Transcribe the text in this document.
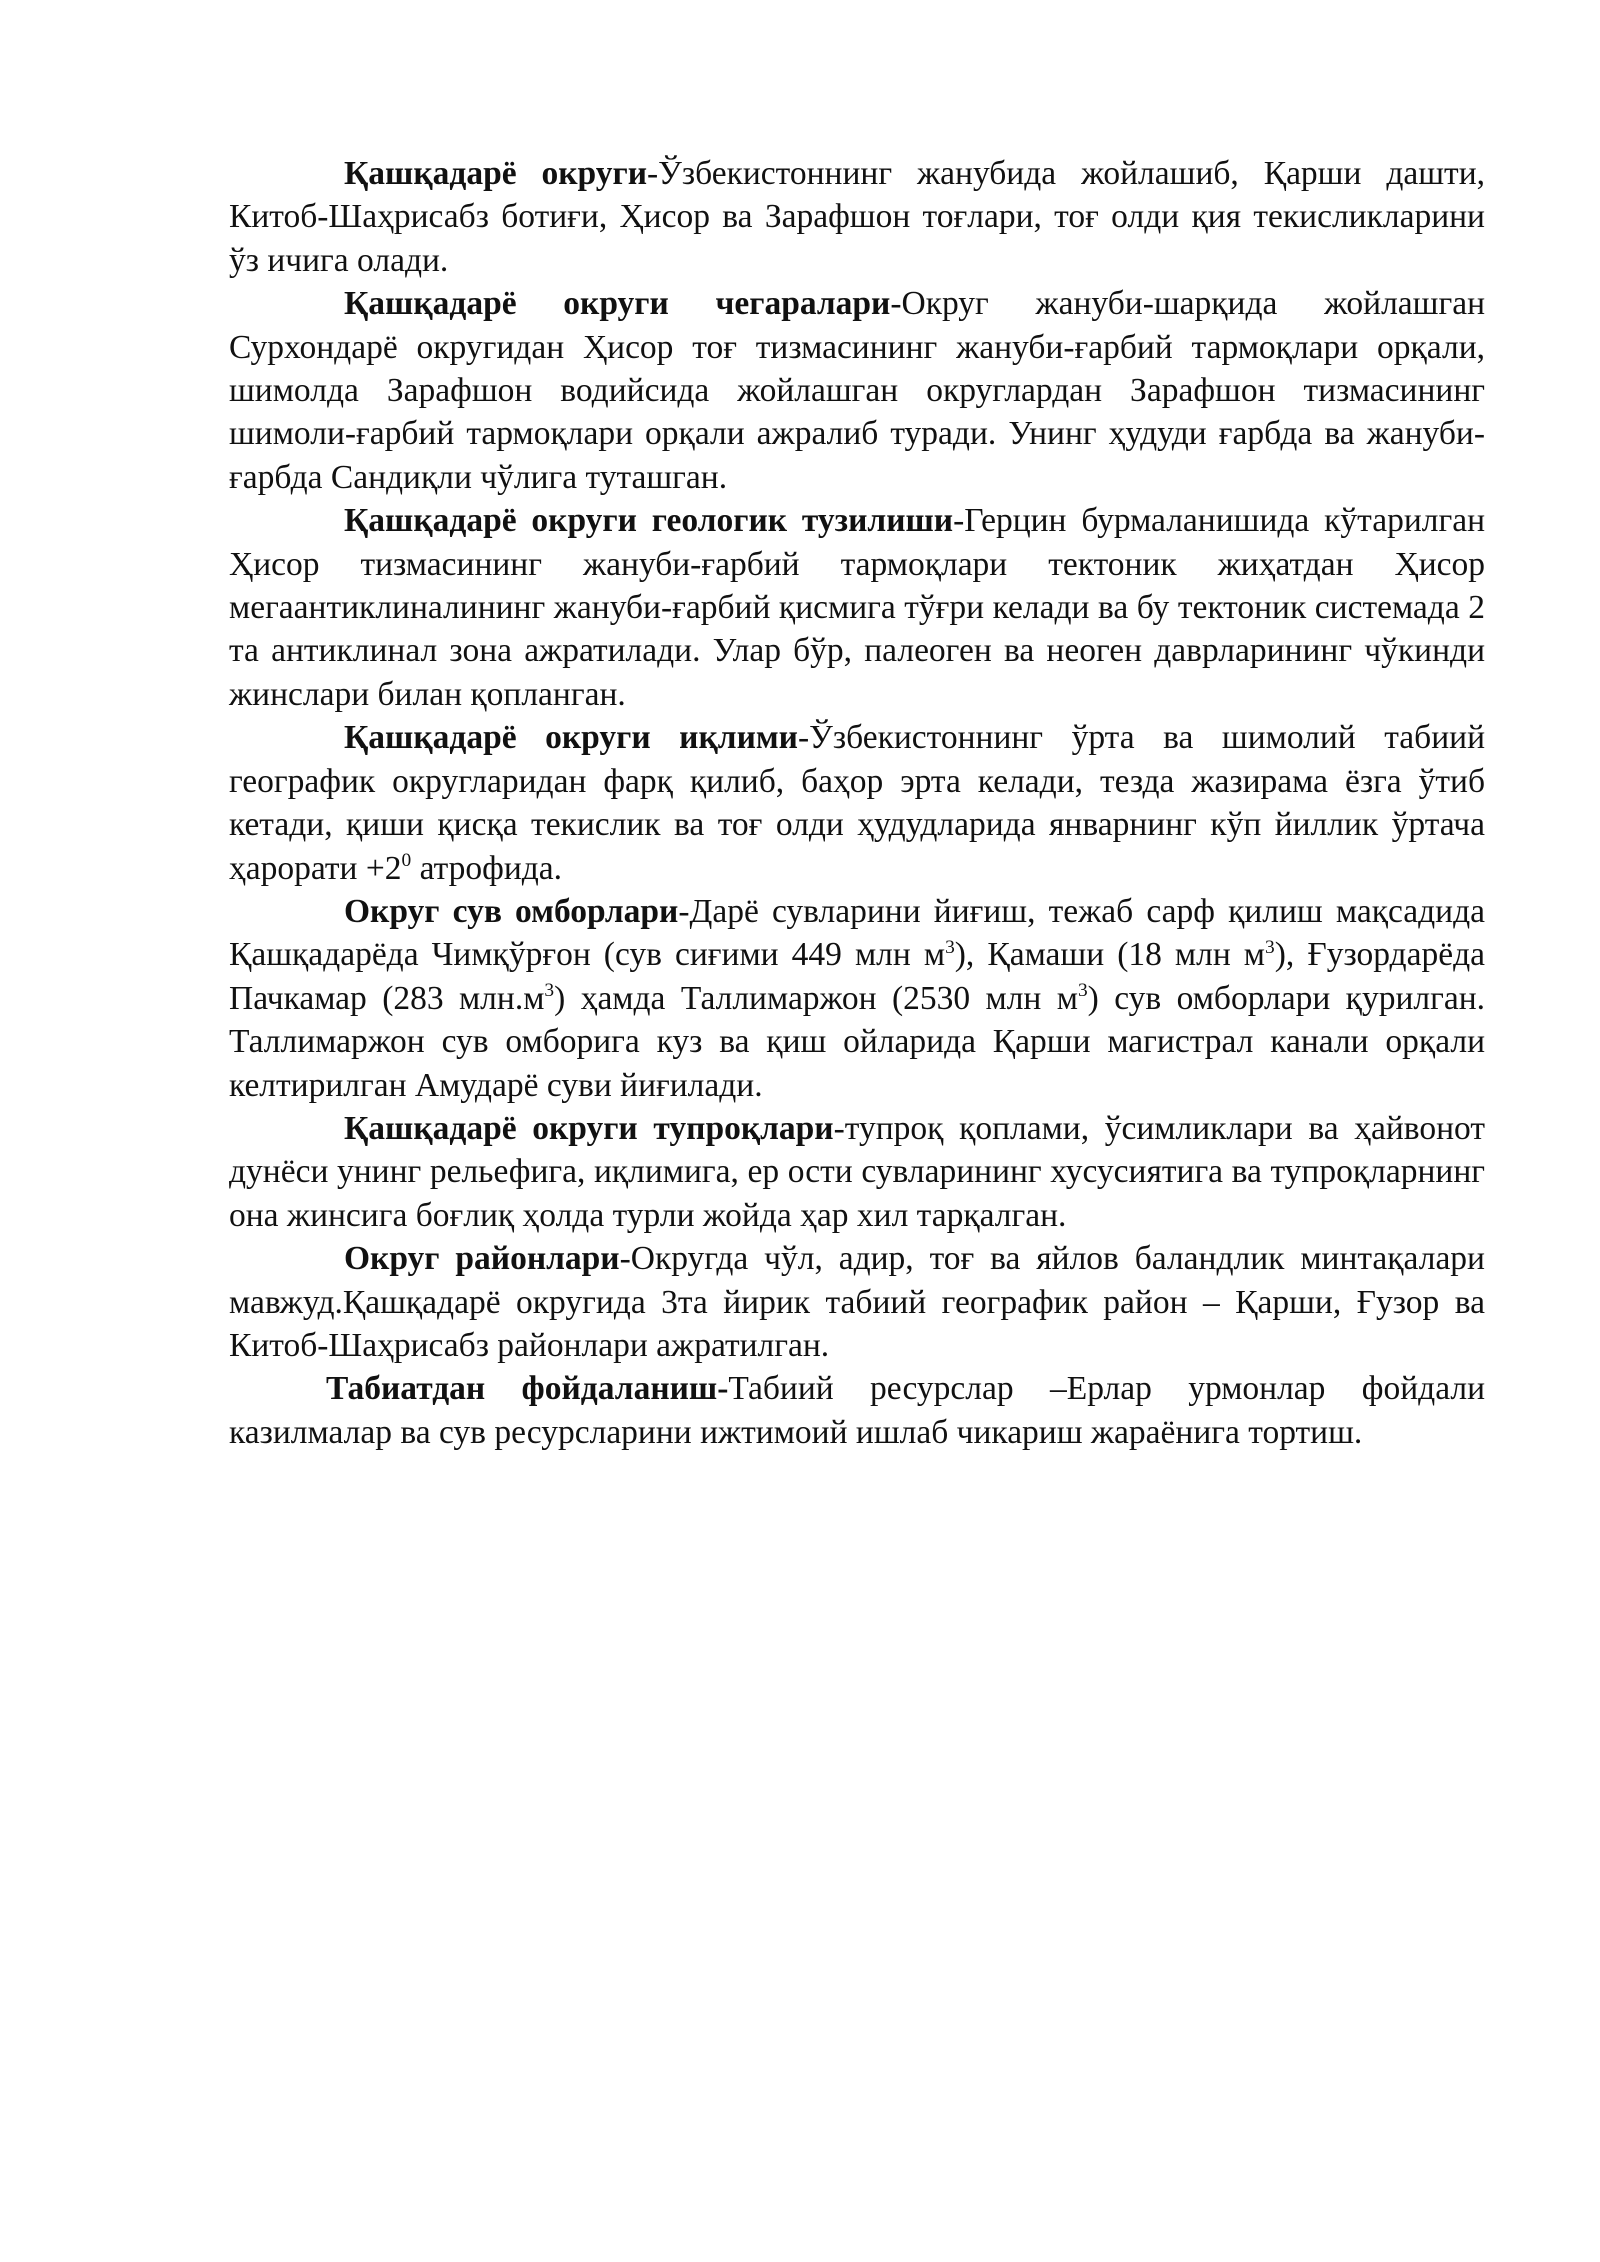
Қашқадарё округи-Ўзбекистоннинг жанубида жойлашиб, Қарши дашти, Китоб-Шаҳрисабз ботиғи, Ҳисор ва Зарафшон тоғлари, тоғ олди қия текисликларини ўз ичига олади.

Қашқадарё округи чегаралари-Округ жануби-шарқида жойлашган Сурхондарё округидан Ҳисор тоғ тизмасининг жануби-ғарбий тармоқлари орқали, шимолда Зарафшон водийсида жойлашган округлардан Зарафшон тизмасининг шимоли-ғарбий тармоқлари орқали ажралиб туради. Унинг ҳудуди ғарбда ва жануби-ғарбда Сандиқли чўлига туташган.

Қашқадарё округи геологик тузилиши-Герцин бурмаланишида кўтарилган Ҳисор тизмасининг жануби-ғарбий тармоқлари тектоник жиҳатдан Ҳисор мегаантиклиналининг жануби-ғарбий қисмига тўғри келади ва бу тектоник системада 2 та антиклинал зона ажратилади. Улар бўр, палеоген ва неоген даврларининг чўкинди жинслари билан қопланган.

Қашқадарё округи иқлими-Ўзбекистоннинг ўрта ва шимолий табиий географик округларидан фарқ қилиб, баҳор эрта келади, тезда жазирама ёзга ўтиб кетади, қиши қисқа текислик ва тоғ олди ҳудудларида январнинг кўп йиллик ўртача ҳарорати $+2^0$ атрофида.

Округ сув омборлари-Дарё сувларини йиғиш, тежаб сарф қилиш мақсадида Қашқадарёда Чимқўрғон (сув сиғими 449 млн $м^3$), Қамаши (18 млн $м^3$), Ғузордарёда Пачкамар (283 $млн.м^3$) ҳамда Таллимаржон (2530 млн $м^3$) сув омборлари қурилган. Таллимаржон сув омборига куз ва қиш ойларида Қарши магистрал канали орқали келтирилган Амударё суви йиғилади.

Қашқадарё округи тупроқлари-тупроқ қоплами, ўсимликлари ва ҳайвонот дунёси унинг рельефига, иқлимига, ер ости сувларининг хусусиятига ва тупроқларнинг она жинсига боғлиқ ҳолда турли жойда ҳар хил тарқалган.

Округ районлари-Округда чўл, адир, тоғ ва яйлов баландлик минтақалари мавжуд.Қашқадарё округида 3та йирик табиий географик район – Қарши, Ғузор ва Китоб-Шаҳрисабз районлари ажратилган.

Табиатдан фойдаланиш-Табиий ресурслар –Ерлар урмонлар фойдали казилмалар ва сув ресурсларини ижтимоий ишлаб чикариш жараёнига тортиш.
